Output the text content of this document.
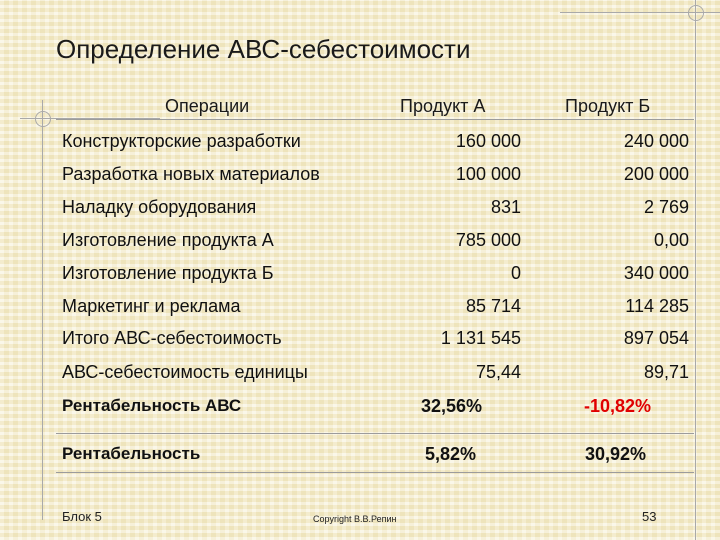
Определение АВС-себестоимости
Операции	Продукт А	Продукт Б
Конструкторские разработки	160 000	240 000
Разработка новых материалов	100 000	200 000
Наладку оборудования	831	2 769
Изготовление продукта А	785 000	0,00
Изготовление продукта Б	0	340 000
Маркетинг и реклама	85 714	114 285
Итого АВС-себестоимость	1 131 545	897 054
АВС-себестоимость единицы	75,44	89,71
Рентабельность АВС	32,56%	-10,82%
Рентабельность	5,82%	30,92%
Блок 5	Copyright В.В.Репин	53
